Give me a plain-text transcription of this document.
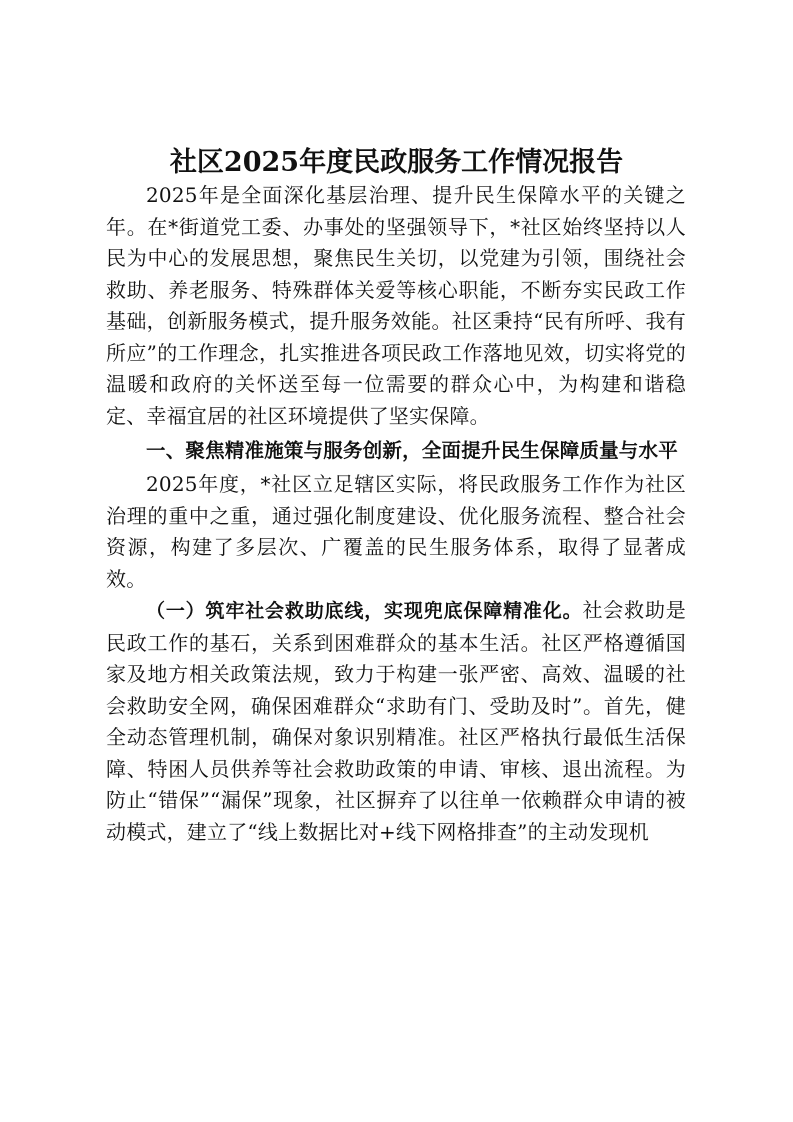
社区2025年度民政服务工作情况报告

2025年是全面深化基层治理、提升民生保障水平的关键之年。在*街道党工委、办事处的坚强领导下，*社区始终坚持以人民为中心的发展思想，聚焦民生关切，以党建为引领，围绕社会救助、养老服务、特殊群体关爱等核心职能，不断夯实民政工作基础，创新服务模式，提升服务效能。社区秉持“民有所呼、我有所应”的工作理念，扎实推进各项民政工作落地见效，切实将党的温暖和政府的关怀送至每一位需要的群众心中，为构建和谐稳定、幸福宜居的社区环境提供了坚实保障。

一、聚焦精准施策与服务创新，全面提升民生保障质量与水平

2025年度，*社区立足辖区实际，将民政服务工作作为社区治理的重中之重，通过强化制度建设、优化服务流程、整合社会资源，构建了多层次、广覆盖的民生服务体系，取得了显著成效。

（一）筑牢社会救助底线，实现兜底保障精准化。社会救助是民政工作的基石，关系到困难群众的基本生活。社区严格遵循国家及地方相关政策法规，致力于构建一张严密、高效、温暖的社会救助安全网，确保困难群众“求助有门、受助及时”。首先，健全动态管理机制，确保对象识别精准。社区严格执行最低生活保障、特困人员供养等社会救助政策的申请、审核、退出流程。为防止“错保”“漏保”现象，社区摒弃了以往单一依赖群众申请的被动模式，建立了“线上数据比对+线下网格排查”的主动发现机
